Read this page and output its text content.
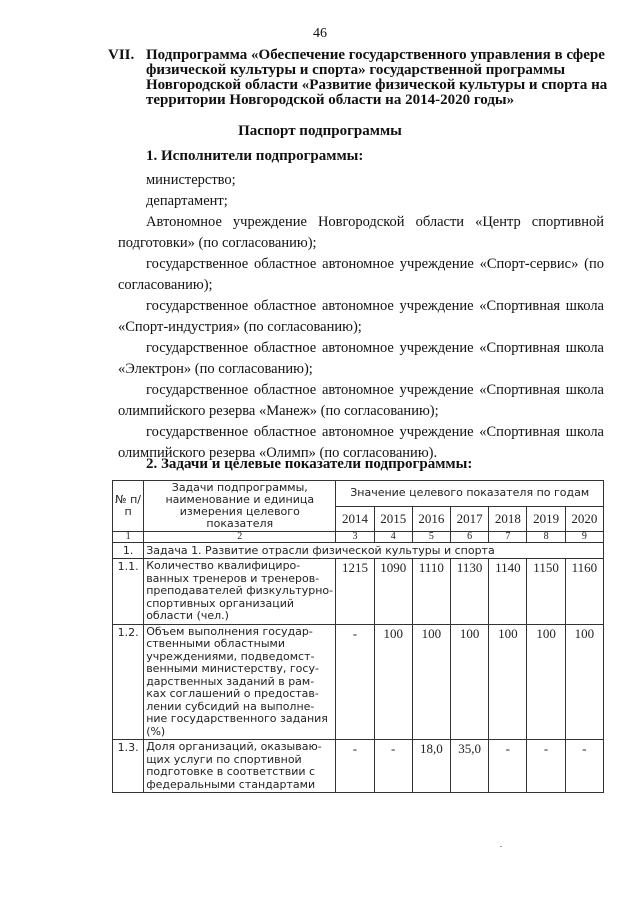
46
VII. Подпрограмма «Обеспечение государственного управления в сфере физической культуры и спорта» государственной программы Новгородской области «Развитие физической культуры и спорта на территории Новгородской области на 2014-2020 годы»
Паспорт подпрограммы
1. Исполнители подпрограммы:
министерство;
департамент;
Автономное учреждение Новгородской области «Центр спортивной подготовки» (по согласованию);
государственное областное автономное учреждение «Спорт-сервис» (по согласованию);
государственное областное автономное учреждение «Спортивная школа «Спорт-индустрия» (по согласованию);
государственное областное автономное учреждение «Спортивная школа «Электрон» (по согласованию);
государственное областное автономное учреждение «Спортивная школа олимпийского резерва «Манеж» (по согласованию);
государственное областное автономное учреждение «Спортивная школа олимпийского резерва «Олимп» (по согласованию).
2. Задачи и целевые показатели подпрограммы:
№ п/п	Задачи подпрограммы, наименование и единица измерения целевого показателя	Значение целевого показателя по годам						
		2014	2015	2016	2017	2018	2019	2020
1	2	3	4	5	6	7	8	9
1.	Задача 1. Развитие отрасли физической культуры и спорта							
1.1.	Количество квалифициро-ванных тренеров и тренеров-преподавателей физкультурно-спортивных организаций области (чел.)	1215	1090	1110	1130	1140	1150	1160
1.2.	Объем выполнения государ-ственными областными учреждениями, подведомст-венными министерству, госу-дарственных заданий в рам-ках соглашений о предостав-лении субсидий на выполне-ние государственного задания (%)	-	100	100	100	100	100	100
1.3.	Доля организаций, оказываю-щих услуги по спортивной подготовке в соответствии с федеральными стандартами	-	-	18,0	35,0	-	-	-
